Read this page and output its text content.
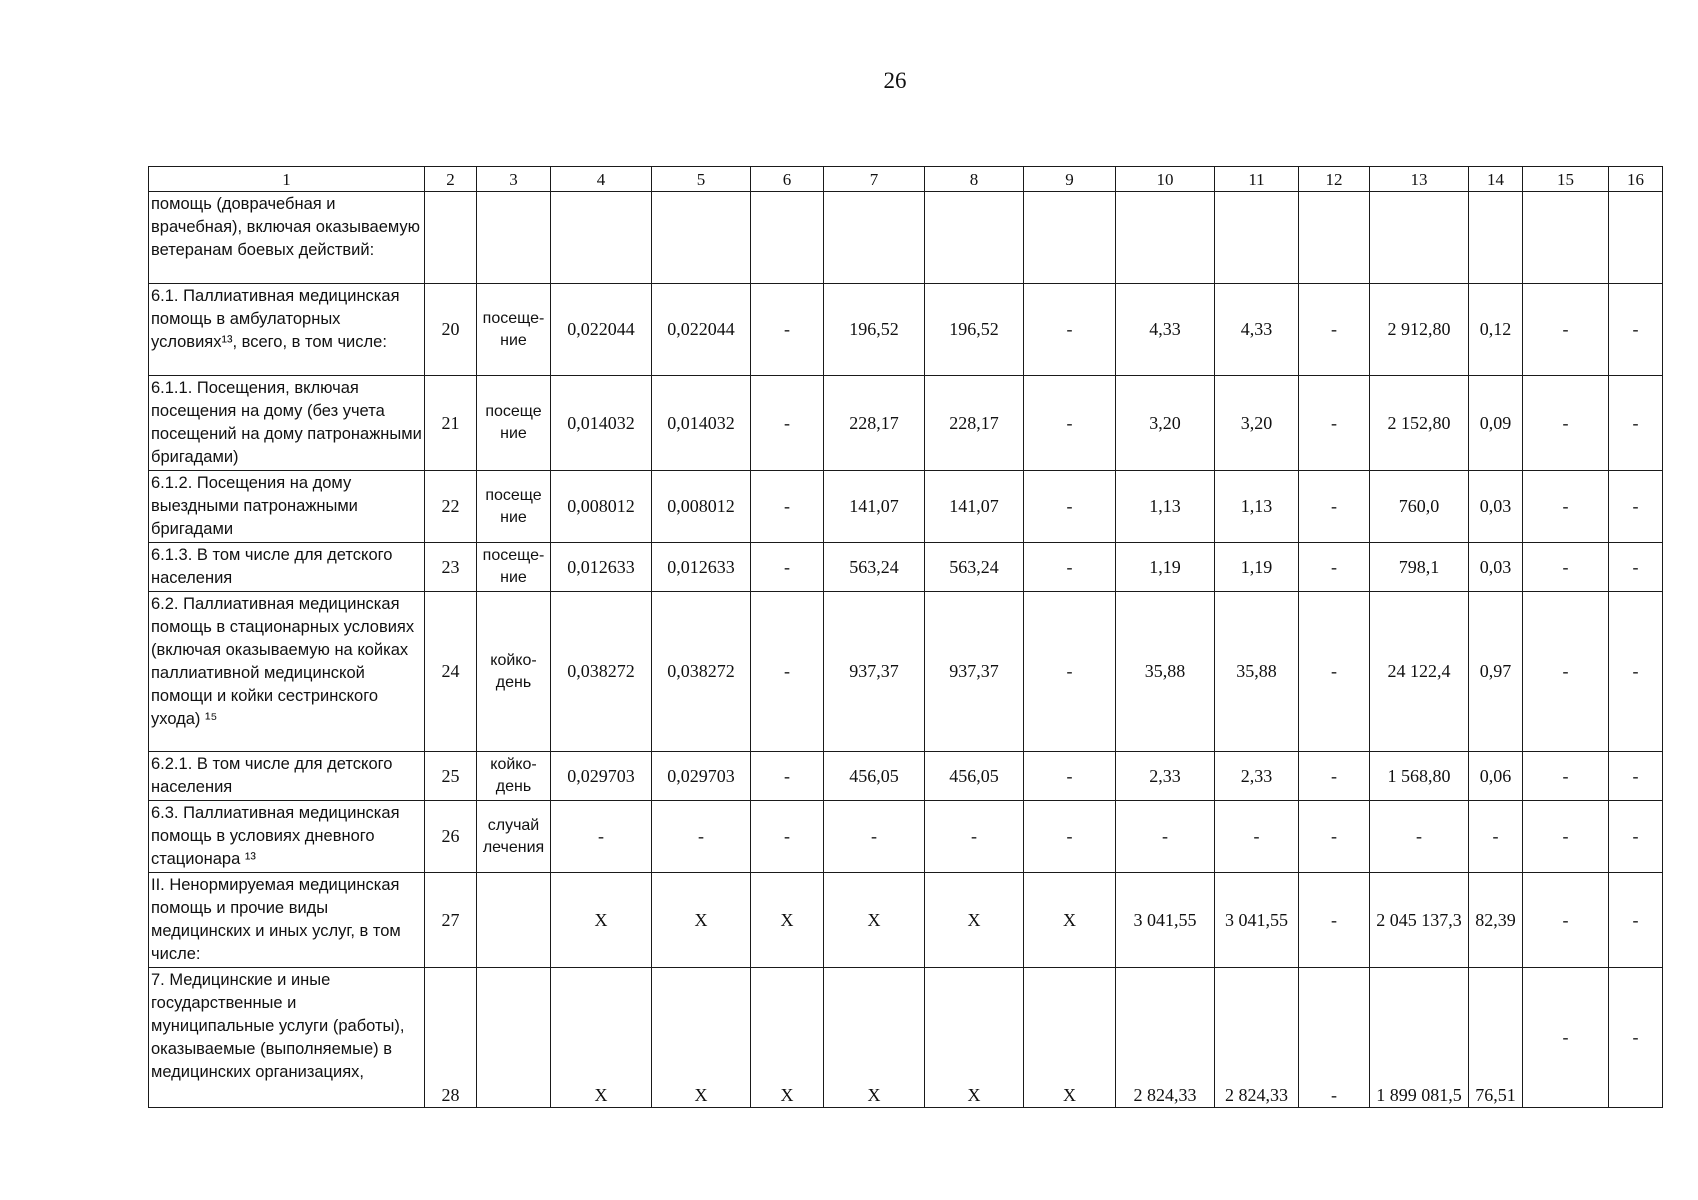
26
1	2	3	4	5	6	7	8	9	10	11	12	13	14	15	16
помощь (доврачебная и врачебная), включая оказываемую ветеранам боевых действий:															
6.1. Паллиативная медицинская помощь в амбулаторных условиях¹³, всего, в том числе:	20	посеще-ние	0,022044	0,022044	-	196,52	196,52	-	4,33	4,33	-	2 912,80	0,12	-	-
6.1.1. Посещения, включая посещения на дому (без учета посещений на дому патронажными бригадами)	21	посеще ние	0,014032	0,014032	-	228,17	228,17	-	3,20	3,20	-	2 152,80	0,09	-	-
6.1.2. Посещения на дому выездными патронажными бригадами	22	посеще ние	0,008012	0,008012	-	141,07	141,07	-	1,13	1,13	-	760,0	0,03	-	-
6.1.3. В том числе для детского населения	23	посеще-ние	0,012633	0,012633	-	563,24	563,24	-	1,19	1,19	-	798,1	0,03	-	-
6.2. Паллиативная медицинская помощь в стационарных условиях (включая оказываемую на койках паллиативной медицинской помощи и койки сестринского ухода) ¹⁵	24	койко-день	0,038272	0,038272	-	937,37	937,37	-	35,88	35,88	-	24 122,4	0,97	-	-
6.2.1. В том числе для детского населения	25	койко-день	0,029703	0,029703	-	456,05	456,05	-	2,33	2,33	-	1 568,80	0,06	-	-
6.3. Паллиативная медицинская помощь в условиях дневного стационара ¹³	26	случай лечения	-	-	-	-	-	-	-	-	-	-	-	-	-
II. Ненормируемая медицинская помощь и прочие виды медицинских и иных услуг, в том числе:	27		X	X	X	X	X	X	3 041,55	3 041,55	-	2 045 137,3	82,39	-	-
7. Медицинские и иные государственные и муниципальные услуги (работы), оказываемые (выполняемые) в медицинских организациях,	28		X	X	X	X	X	X	2 824,33	2 824,33	-	1 899 081,5	76,51	-	-
